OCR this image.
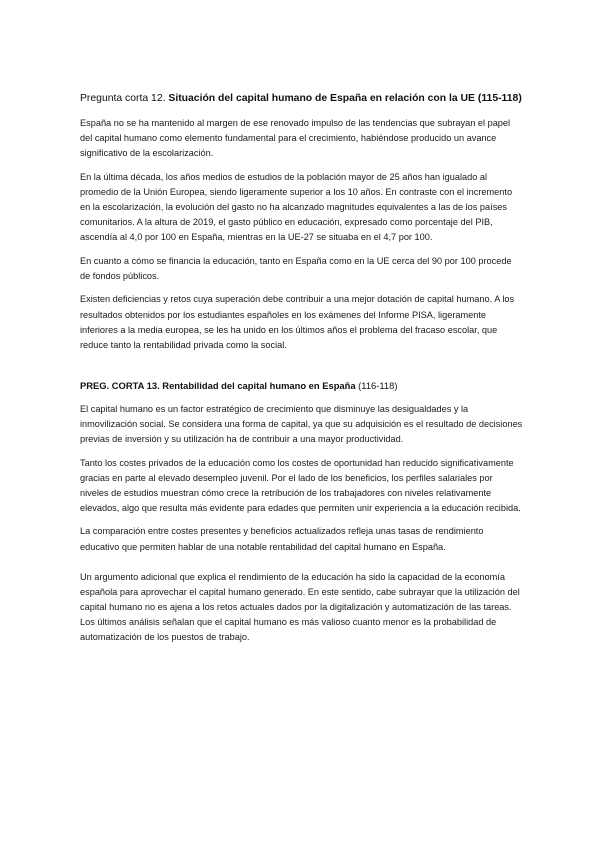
Pregunta corta 12. Situación del capital humano de España en relación con la UE (115-118)

España no se ha mantenido al margen de ese renovado impulso de las tendencias que subrayan el papel del capital humano como elemento fundamental para el crecimiento, habiéndose producido un avance significativo de la escolarización.

En la última década, los años medios de estudios de la población mayor de 25 años han igualado al promedio de la Unión Europea, siendo ligeramente superior a los 10 años. En contraste con el incremento en la escolarización, la evolución del gasto no ha alcanzado magnitudes equivalentes a las de los países comunitarios. A la altura de 2019, el gasto público en educación, expresado como porcentaje del PIB, ascendía al 4,0 por 100 en España, mientras en la UE-27 se situaba en el 4,7 por 100.

En cuanto a cómo se financia la educación, tanto en España como en la UE cerca del 90 por 100 procede de fondos públicos.

Existen deficiencias y retos cuya superación debe contribuir a una mejor dotación de capital humano. A los resultados obtenidos por los estudiantes españoles en los exámenes del Informe PISA, ligeramente inferiores a la media europea, se les ha unido en los últimos años el problema del fracaso escolar, que reduce tanto la rentabilidad privada como la social.

PREG. CORTA 13. Rentabilidad del capital humano en España (116-118)

El capital humano es un factor estratégico de crecimiento que disminuye las desigualdades y la inmovilización social. Se considera una forma de capital, ya que su adquisición es el resultado de decisiones previas de inversión y su utilización ha de contribuir a una mayor productividad.

Tanto los costes privados de la educación como los costes de oportunidad han reducido significativamente gracias en parte al elevado desempleo juvenil. Por el lado de los beneficios, los perfiles salariales por niveles de estudios muestran cómo crece la retribución de los trabajadores con niveles relativamente elevados, algo que resulta más evidente para edades que permiten unir experiencia a la educación recibida.

La comparación entre costes presentes y beneficios actualizados refleja unas tasas de rendimiento educativo que permiten hablar de una notable rentabilidad del capital humano en España.

Un argumento adicional que explica el rendimiento de la educación ha sido la capacidad de la economía española para aprovechar el capital humano generado. En este sentido, cabe subrayar que la utilización del capital humano no es ajena a los retos actuales dados por la digitalización y automatización de las tareas. Los últimos análisis señalan que el capital humano es más valioso cuanto menor es la probabilidad de automatización de los puestos de trabajo.
